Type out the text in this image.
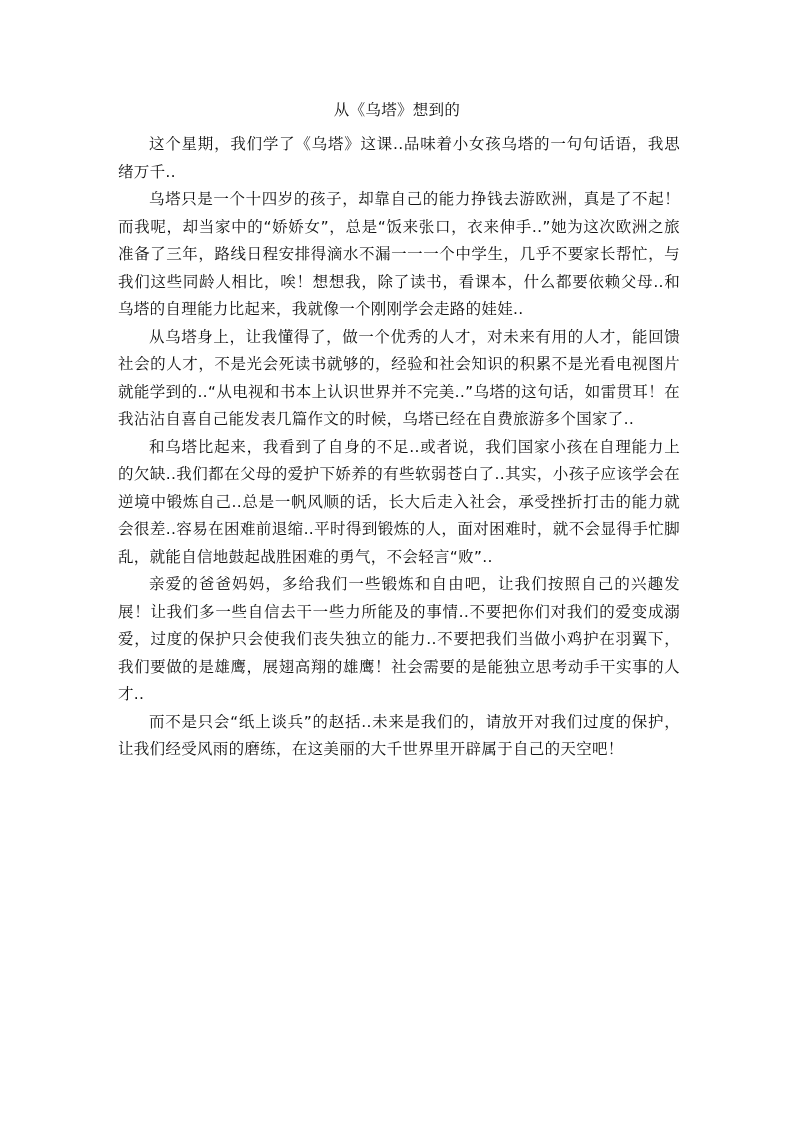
从《乌塔》想到的

这个星期，我们学了《乌塔》这课..品味着小女孩乌塔的一句句话语，我思绪万千..

乌塔只是一个十四岁的孩子，却靠自己的能力挣钱去游欧洲，真是了不起！而我呢，却当家中的“娇娇女”，总是“饭来张口，衣来伸手..”她为这次欧洲之旅准备了三年，路线日程安排得滴水不漏一一一个中学生，几乎不要家长帮忙，与我们这些同龄人相比，唉！想想我，除了读书，看课本，什么都要依赖父母..和乌塔的自理能力比起来，我就像一个刚刚学会走路的娃娃..

从乌塔身上，让我懂得了，做一个优秀的人才，对未来有用的人才，能回馈社会的人才，不是光会死读书就够的，经验和社会知识的积累不是光看电视图片就能学到的..“从电视和书本上认识世界并不完美..”乌塔的这句话，如雷贯耳！在我沾沾自喜自己能发表几篇作文的时候，乌塔已经在自费旅游多个国家了..

和乌塔比起来，我看到了自身的不足..或者说，我们国家小孩在自理能力上的欠缺..我们都在父母的爱护下娇养的有些软弱苍白了..其实，小孩子应该学会在逆境中锻炼自己..总是一帆风顺的话，长大后走入社会，承受挫折打击的能力就会很差..容易在困难前退缩..平时得到锻炼的人，面对困难时，就不会显得手忙脚乱，就能自信地鼓起战胜困难的勇气，不会轻言“败”..

亲爱的爸爸妈妈，多给我们一些锻炼和自由吧，让我们按照自己的兴趣发展！让我们多一些自信去干一些力所能及的事情..不要把你们对我们的爱变成溺爱，过度的保护只会使我们丧失独立的能力..不要把我们当做小鸡护在羽翼下，我们要做的是雄鹰，展翅高翔的雄鹰！社会需要的是能独立思考动手干实事的人才..

而不是只会“纸上谈兵”的赵括..未来是我们的，请放开对我们过度的保护，让我们经受风雨的磨练，在这美丽的大千世界里开辟属于自己的天空吧！
